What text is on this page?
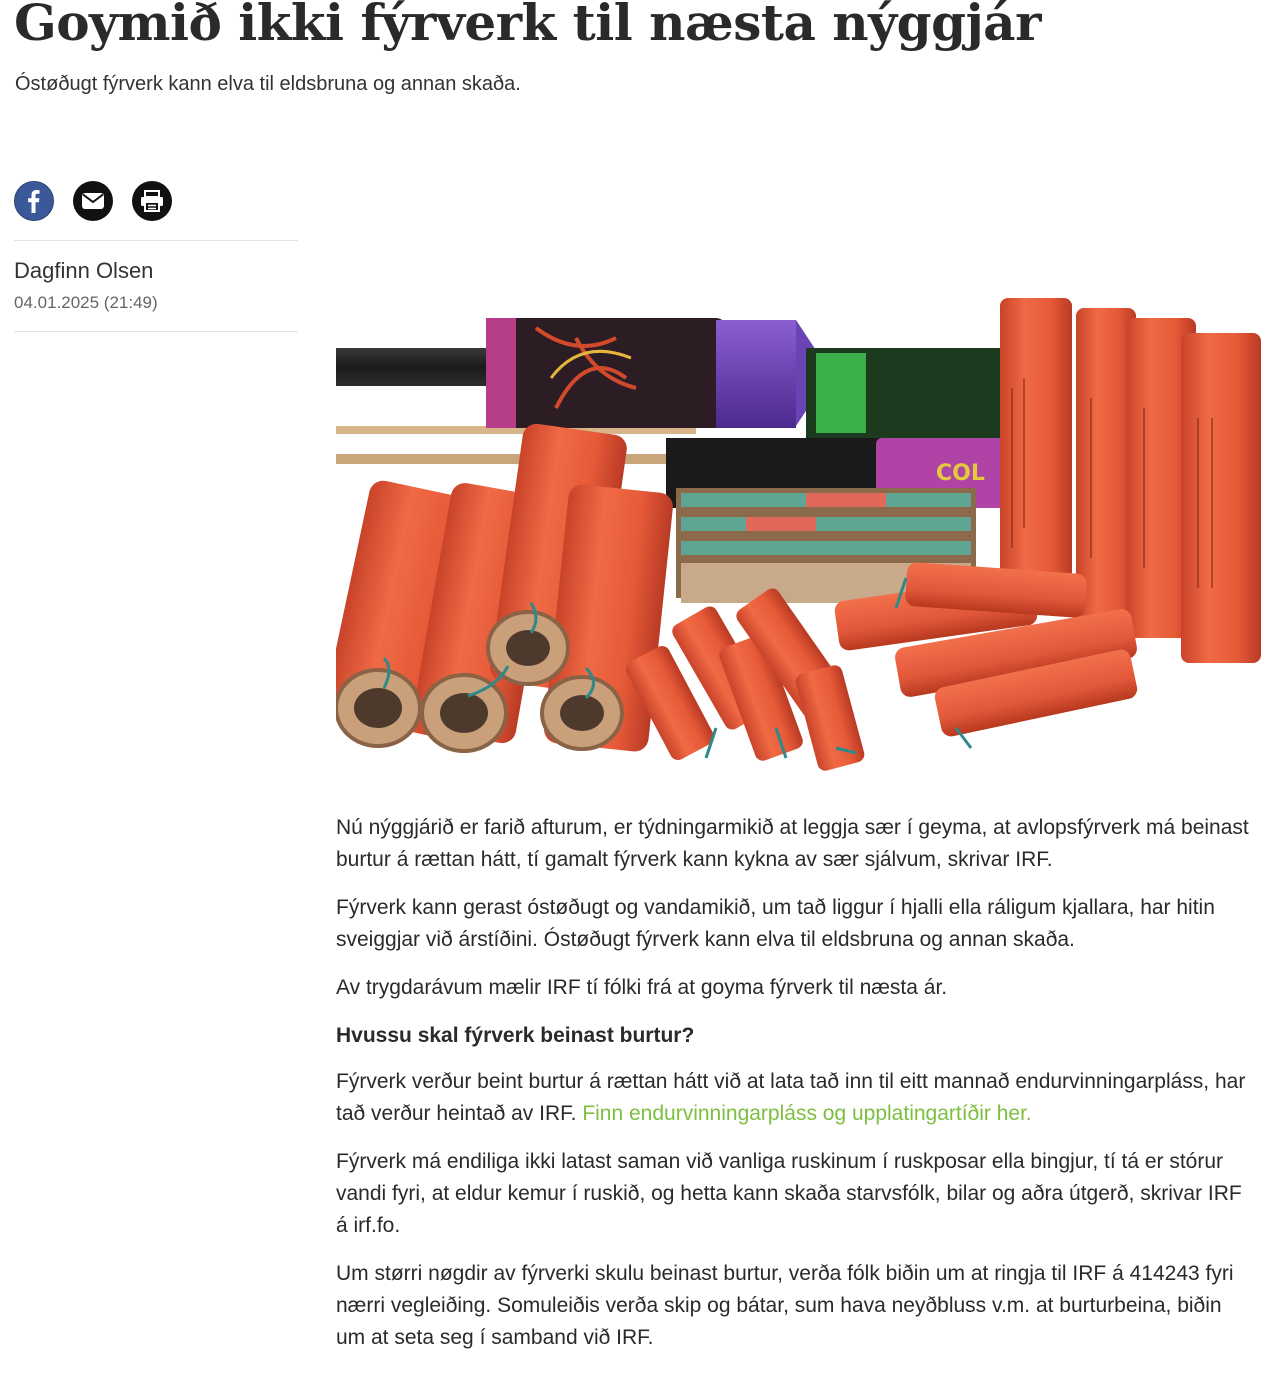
Goymið ikki fýrverk til næsta nýggjár

Óstøðugt fýrverk kann elva til eldsbruna og annan skaða.

Dagfinn Olsen
04.01.2025 (21:49)
COL

Nú nýggjárið er farið afturum, er týdningarmikið at leggja sær í geyma, at avlopsfýrverk má beinast burtur á rættan hátt, tí gamalt fýrverk kann kykna av sær sjálvum, skrivar IRF.

Fýrverk kann gerast óstøðugt og vandamikið, um tað liggur í hjalli ella ráligum kjallara, har hitin sveiggjar við árstíðini. Óstøðugt fýrverk kann elva til eldsbruna og annan skaða.

Av trygdarávum mælir IRF tí fólki frá at goyma fýrverk til næsta ár.

Hvussu skal fýrverk beinast burtur?

Fýrverk verður beint burtur á rættan hátt við at lata tað inn til eitt mannað endurvinningarpláss, har tað verður heintað av IRF. Finn endurvinningarpláss og upplatingartíðir her.

Fýrverk má endiliga ikki latast saman við vanliga ruskinum í ruskposar ella bingjur, tí tá er stórur vandi fyri, at eldur kemur í ruskið, og hetta kann skaða starvsfólk, bilar og aðra útgerð, skrivar IRF á irf.fo.

Um størri nøgdir av fýrverki skulu beinast burtur, verða fólk biðin um at ringja til IRF á 414243 fyri nærri vegleiðing. Somuleiðis verða skip og bátar, sum hava neyðbluss v.m. at burturbeina, biðin um at seta seg í samband við IRF.
